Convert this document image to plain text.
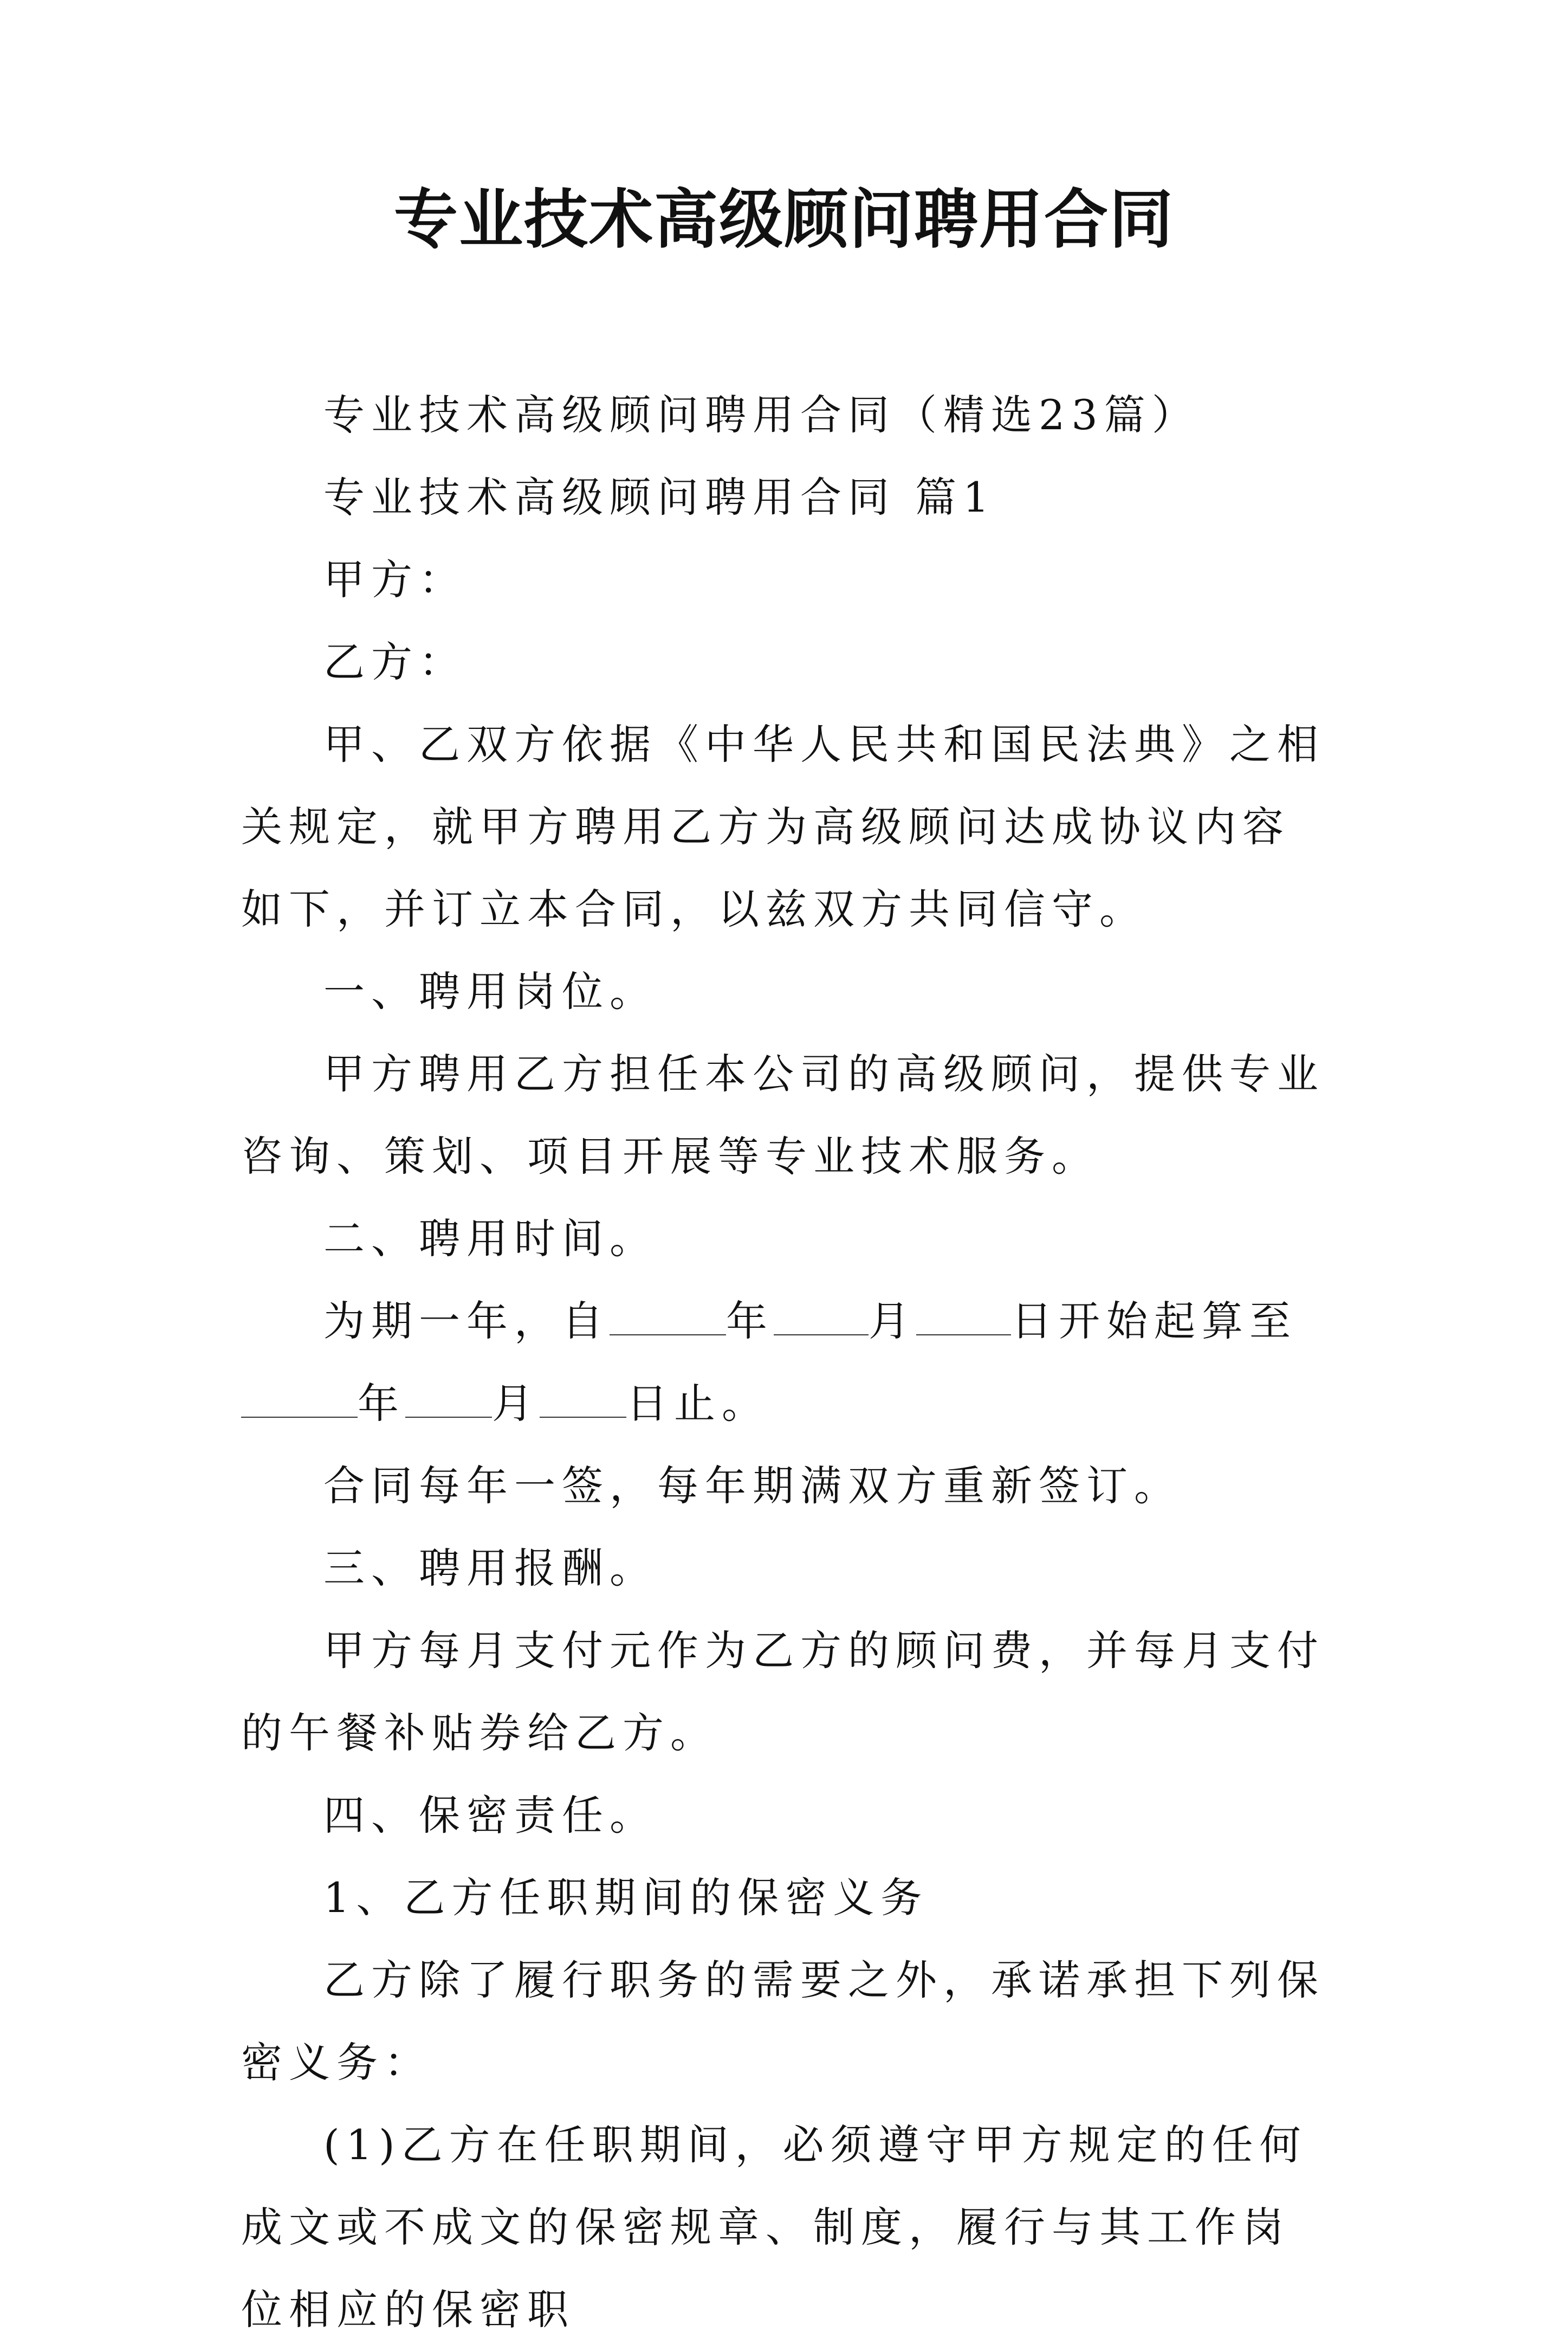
专业技术高级顾问聘用合同

专业技术高级顾问聘用合同（精选23篇）

专业技术高级顾问聘用合同 篇1

甲方：

乙方：

甲、乙双方依据《中华人民共和国民法典》之相关规定，就甲方聘用乙方为高级顾问达成协议内容如下，并订立本合同，以兹双方共同信守。

一、聘用岗位。

甲方聘用乙方担任本公司的高级顾问，提供专业咨询、策划、项目开展等专业技术服务。

二、聘用时间。

为期一年，自	年 月 日开始起算至年 月 日止。

合同每年一签，每年期满双方重新签订。

三、聘用报酬。

甲方每月支付元作为乙方的顾问费，并每月支付的午餐补贴券给乙方。

四、保密责任。

1、乙方任职期间的保密义务

乙方除了履行职务的需要之外，承诺承担下列保密义务：

(1)乙方在任职期间，必须遵守甲方规定的任何成文或不成文的保密规章、制度，履行与其工作岗位相应的保密职
